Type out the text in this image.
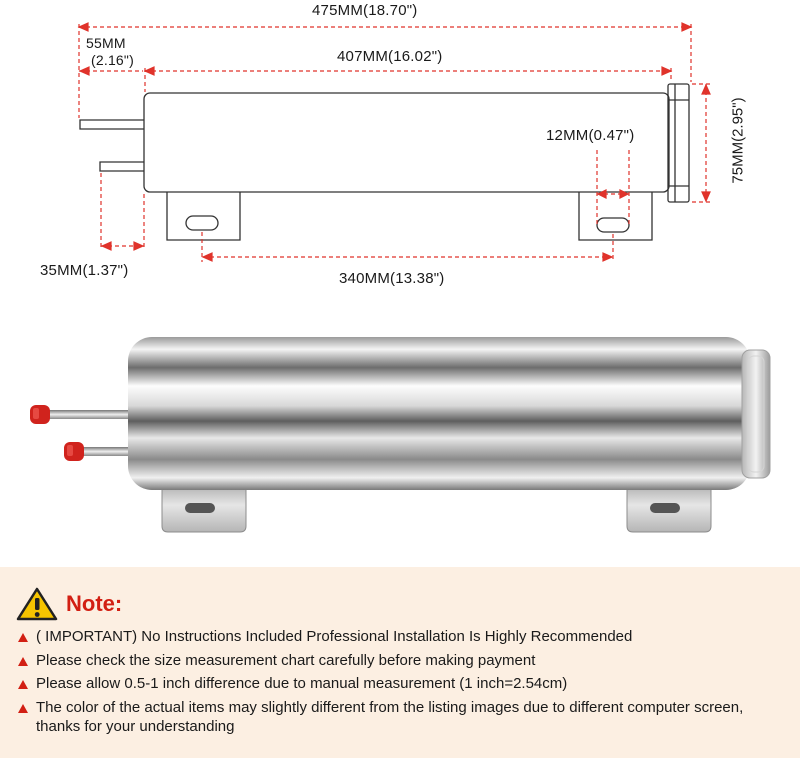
475MM(18.70")
55MM
(2.16")	407MM(16.02")
12MM(0.47")	75MM(2.95")
35MM(1.37")	340MM(13.38")
Note:
( IMPORTANT) No Instructions Included Professional Installation Is Highly Recommended
Please check the size measurement chart carefully before making payment
Please allow 0.5-1 inch difference due to manual measurement (1 inch=2.54cm)
The color of the actual items may slightly different from the listing images due to different computer screen, thanks for your understanding
